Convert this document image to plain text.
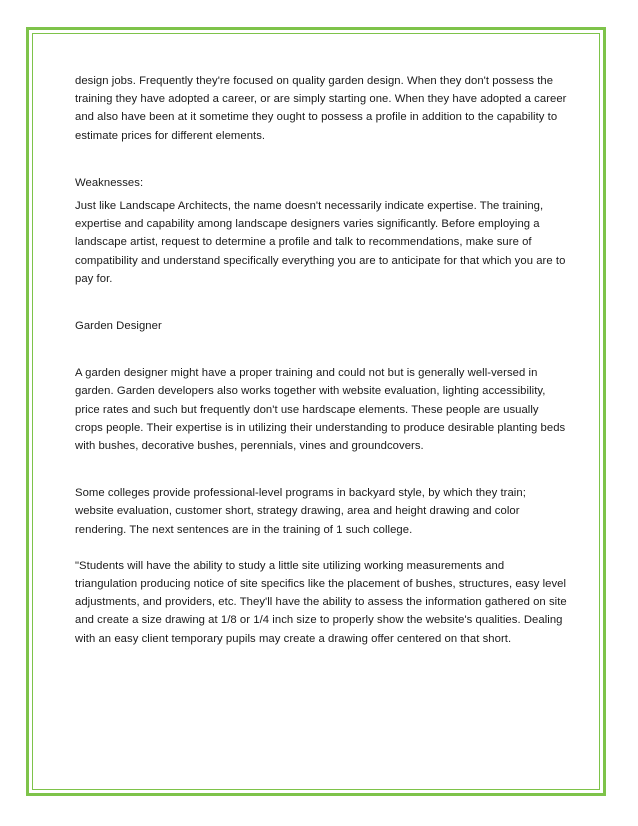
design jobs. Frequently they're focused on quality garden design. When they don't possess the training they have adopted a career, or are simply starting one. When they have adopted a career and also have been at it sometime they ought to possess a profile in addition to the capability to estimate prices for different elements.

Weaknesses:

Just like Landscape Architects, the name doesn't necessarily indicate expertise. The training, expertise and capability among landscape designers varies significantly. Before employing a landscape artist, request to determine a profile and talk to recommendations, make sure of compatibility and understand specifically everything you are to anticipate for that which you are to pay for.

Garden Designer

A garden designer might have a proper training and could not but is generally well-versed in garden. Garden developers also works together with website evaluation, lighting accessibility, price rates and such but frequently don't use hardscape elements. These people are usually crops people. Their expertise is in utilizing their understanding to produce desirable planting beds with bushes, decorative bushes, perennials, vines and groundcovers.

Some colleges provide professional-level programs in backyard style, by which they train; website evaluation, customer short, strategy drawing, area and height drawing and color rendering. The next sentences are in the training of 1 such college.

"Students will have the ability to study a little site utilizing working measurements and triangulation producing notice of site specifics like the placement of bushes, structures, easy level adjustments, and providers, etc. They'll have the ability to assess the information gathered on site and create a size drawing at 1/8 or 1/4 inch size to properly show the website's qualities. Dealing with an easy client temporary pupils may create a drawing offer centered on that short.
